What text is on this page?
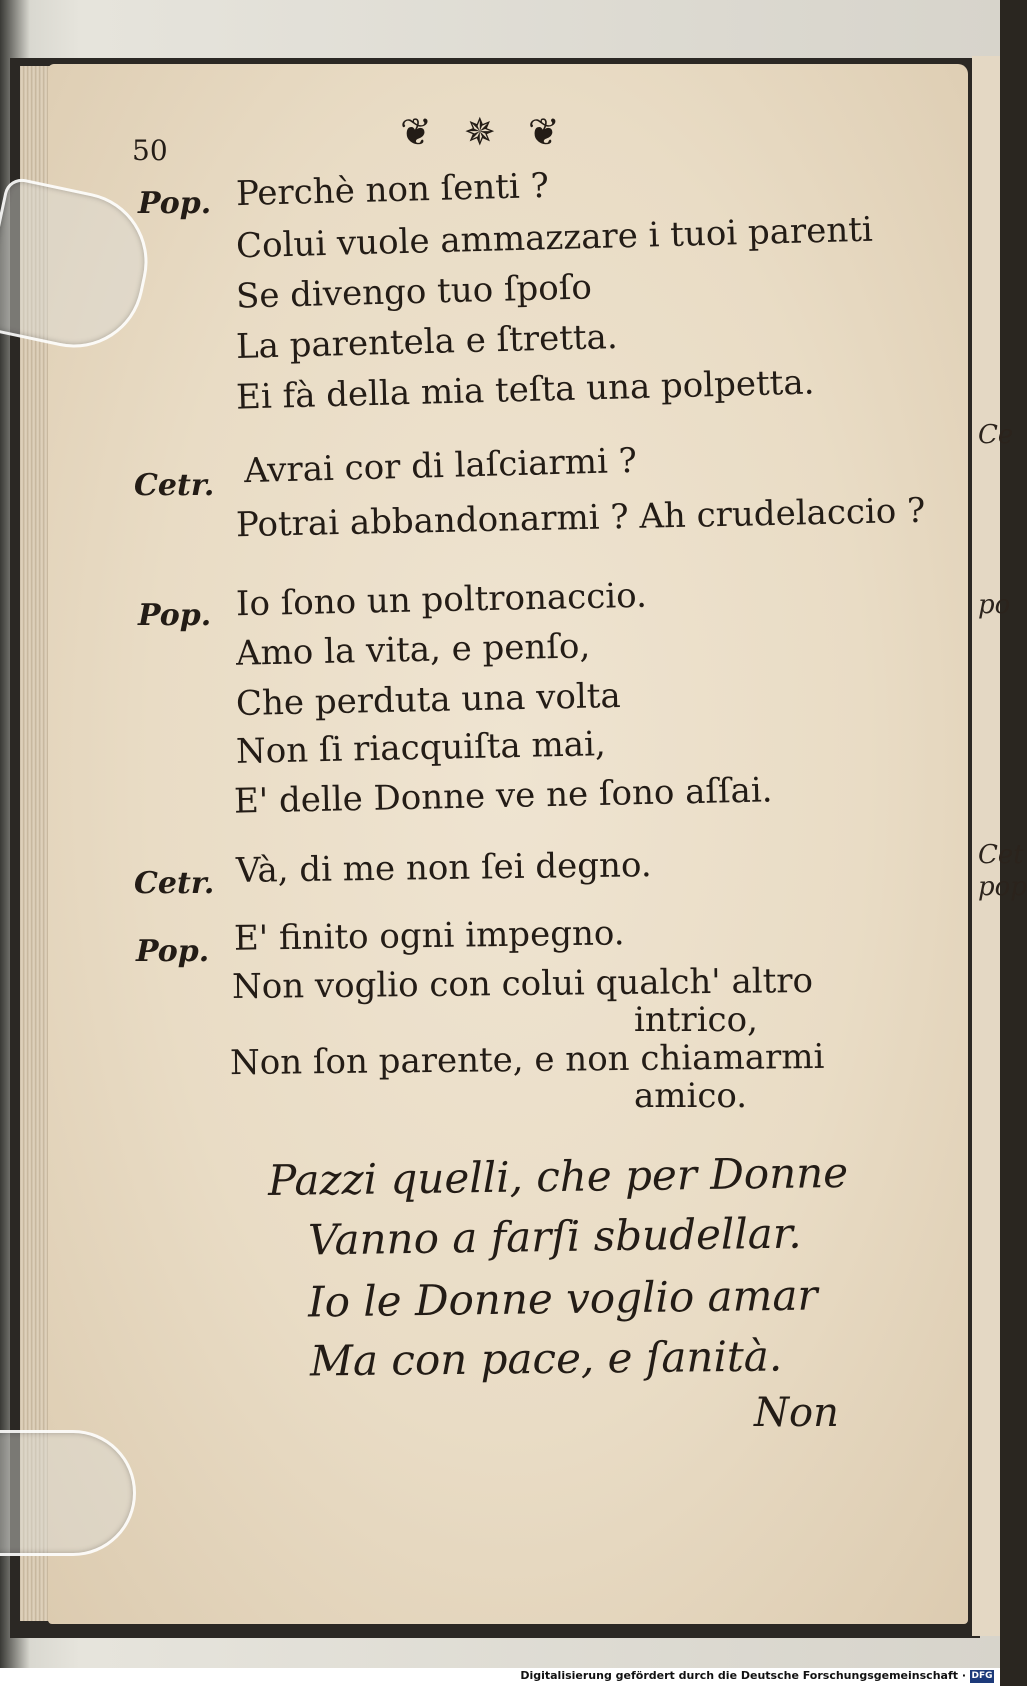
Ce
po
Cet
pop
50	❦ ✵ ❦
Pop. Perchè non ſenti ?
Colui vuole ammazzare i tuoi parenti
Se divengo tuo ſpoſo
La parentela e ſtretta.
Ei fà della mia teſta una polpetta.
Cetr. Avrai cor di laſciarmi ?
Potrai abbandonarmi ? Ah crudelaccio ?
Pop. Io ſono un poltronaccio.
Amo la vita, e penſo,
Che perduta una volta
Non ſi riacquiſta mai,
E' delle Donne ve ne ſono aſſai.
Cetr. Và, di me non ſei degno.
Pop. E' finito ogni impegno.
Non voglio con colui qualch' altro
intrico,
Non ſon parente, e non chiamarmi
amico.
Pazzi quelli, che per Donne
Vanno a farſi sbudellar.
Io le Donne voglio amar
Ma con pace, e ſanità.
Non
Digitalisierung gefördert durch die Deutsche Forschungsgemeinschaft · DFG
